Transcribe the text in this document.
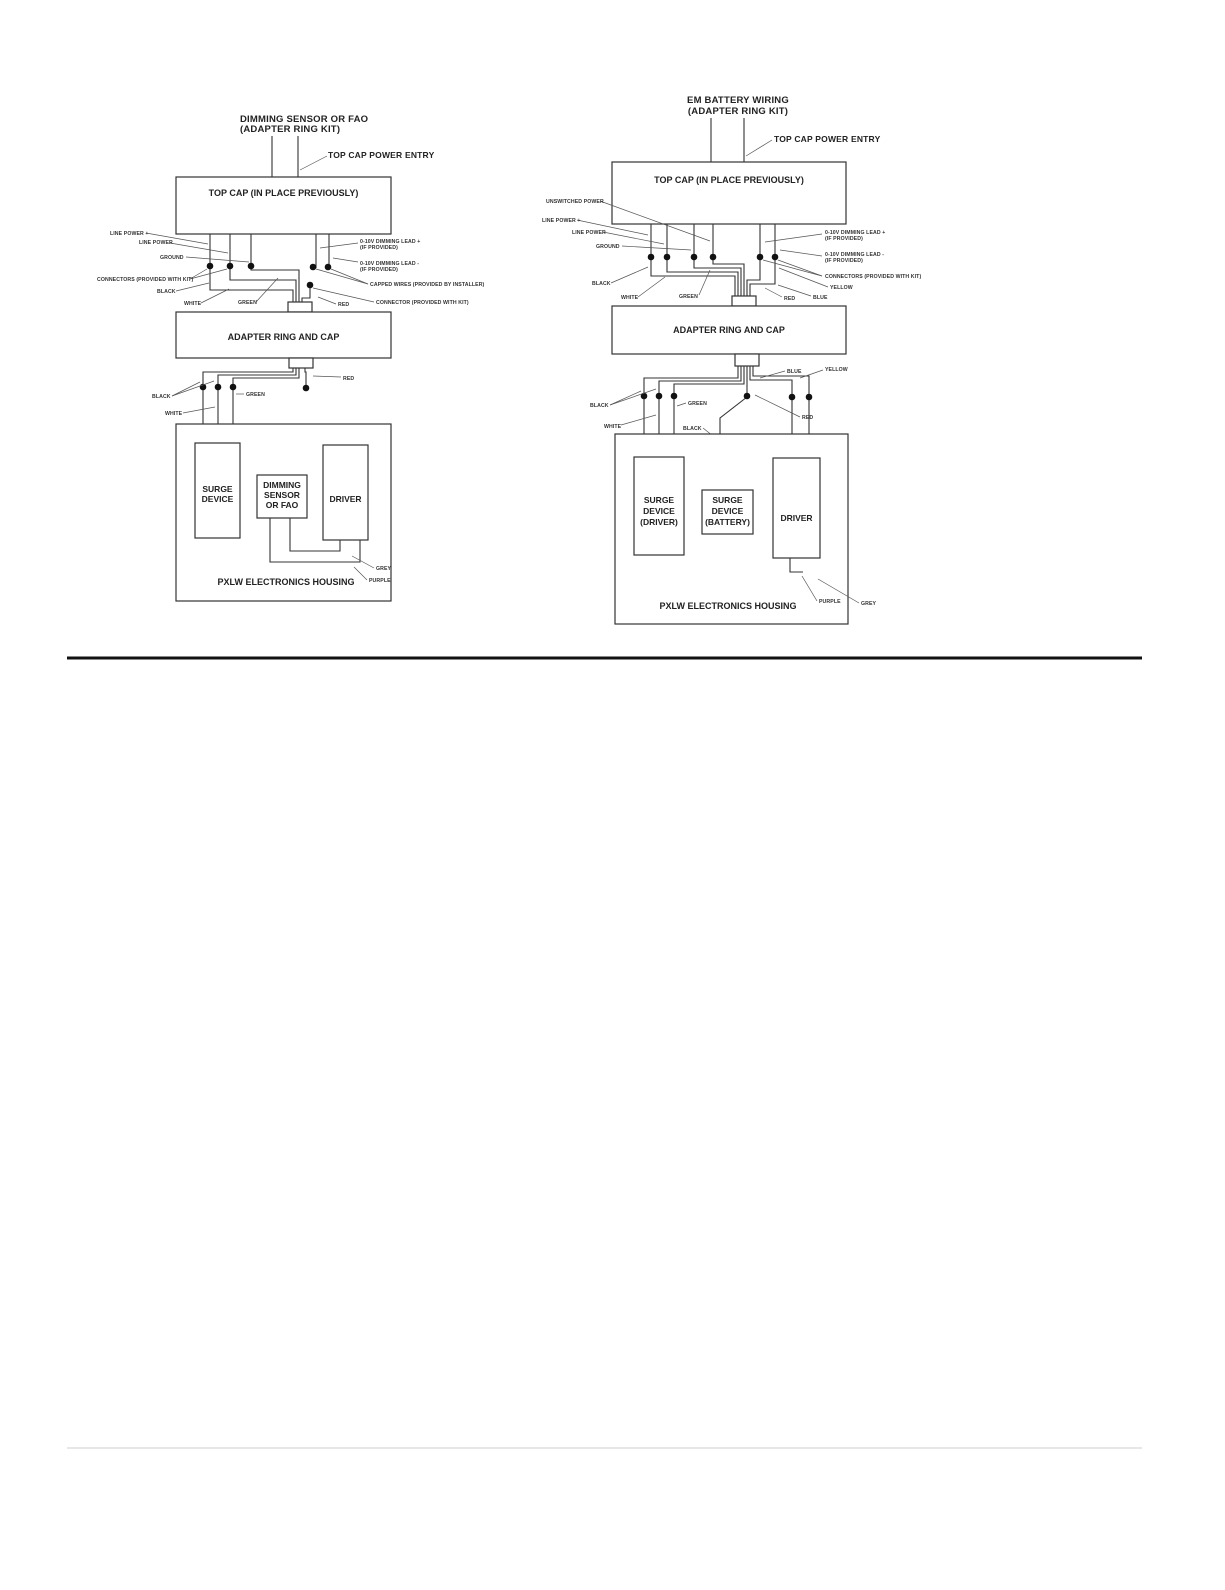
DIMMING SENSOR OR FAO
(ADAPTER RING KIT)
TOP CAP POWER ENTRY
TOP CAP (IN PLACE PREVIOUSLY)
LINE POWER +
LINE POWER
GROUND
CONNECTORS (PROVIDED WITH KIT)
BLACK
WHITE	GREEN
0-10V DIMMING LEAD +
(IF PROVIDED)
0-10V DIMMING LEAD -
(IF PROVIDED)
CAPPED WIRES (PROVIDED BY INSTALLER)
CONNECTOR (PROVIDED WITH KIT)
RED
ADAPTER RING AND CAP
RED
BLACK	GREEN
WHITE
SURGE
DEVICE
DIMMING
SENSOR
OR FAO
DRIVER
GREY
PURPLE
PXLW ELECTRONICS HOUSING
EM BATTERY WIRING
(ADAPTER RING KIT)
TOP CAP POWER ENTRY
TOP CAP (IN PLACE PREVIOUSLY)
UNSWITCHED POWER
LINE POWER +
LINE POWER
GROUND
BLACK
WHITE	GREEN	RED	BLUE
YELLOW
0-10V DIMMING LEAD +
(IF PROVIDED)
0-10V DIMMING LEAD -
(IF PROVIDED)
CONNECTORS (PROVIDED WITH KIT)
ADAPTER RING AND CAP
BLUE	YELLOW
BLACK	GREEN
WHITE
RED
BLACK
SURGE
DEVICE
(DRIVER)
SURGE
DEVICE
(BATTERY)	DRIVER
PURPLE	GREY
PXLW ELECTRONICS HOUSING
